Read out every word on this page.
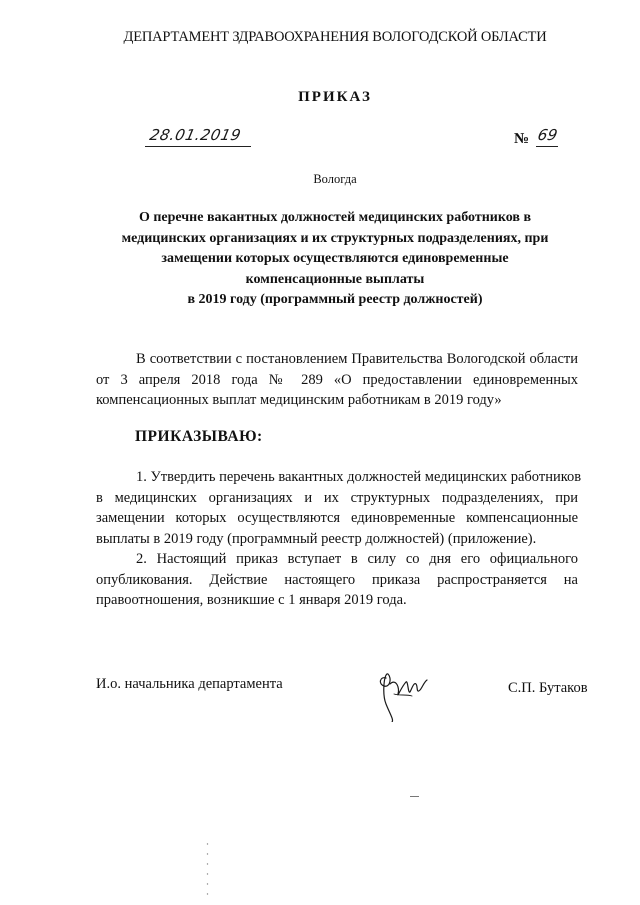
ДЕПАРТАМЕНТ ЗДРАВООХРАНЕНИЯ ВОЛОГОДСКОЙ ОБЛАСТИ
ПРИКАЗ
28.01.2019	№ 69
Вологда
О перечне вакантных должностей медицинских работников в
медицинских организациях и их структурных подразделениях, при
замещении которых осуществляются единовременные
компенсационные выплаты
в 2019 году (программный реестр должностей)
В соответствии с постановлением Правительства Вологодской области
от 3 апреля 2018 года № 289 «О предоставлении единовременных
компенсационных выплат медицинским работникам в 2019 году»
ПРИКАЗЫВАЮ:
1. Утвердить перечень вакантных должностей медицинских работников
в медицинских организациях и их структурных подразделениях, при
замещении которых осуществляются единовременные компенсационные
выплаты в 2019 году (программный реестр должностей) (приложение).
2. Настоящий приказ вступает в силу со дня его официального
опубликования. Действие настоящего приказа распространяется на
правоотношения, возникшие с 1 января 2019 года.
И.о. начальника департамента	С.П. Бутаков
